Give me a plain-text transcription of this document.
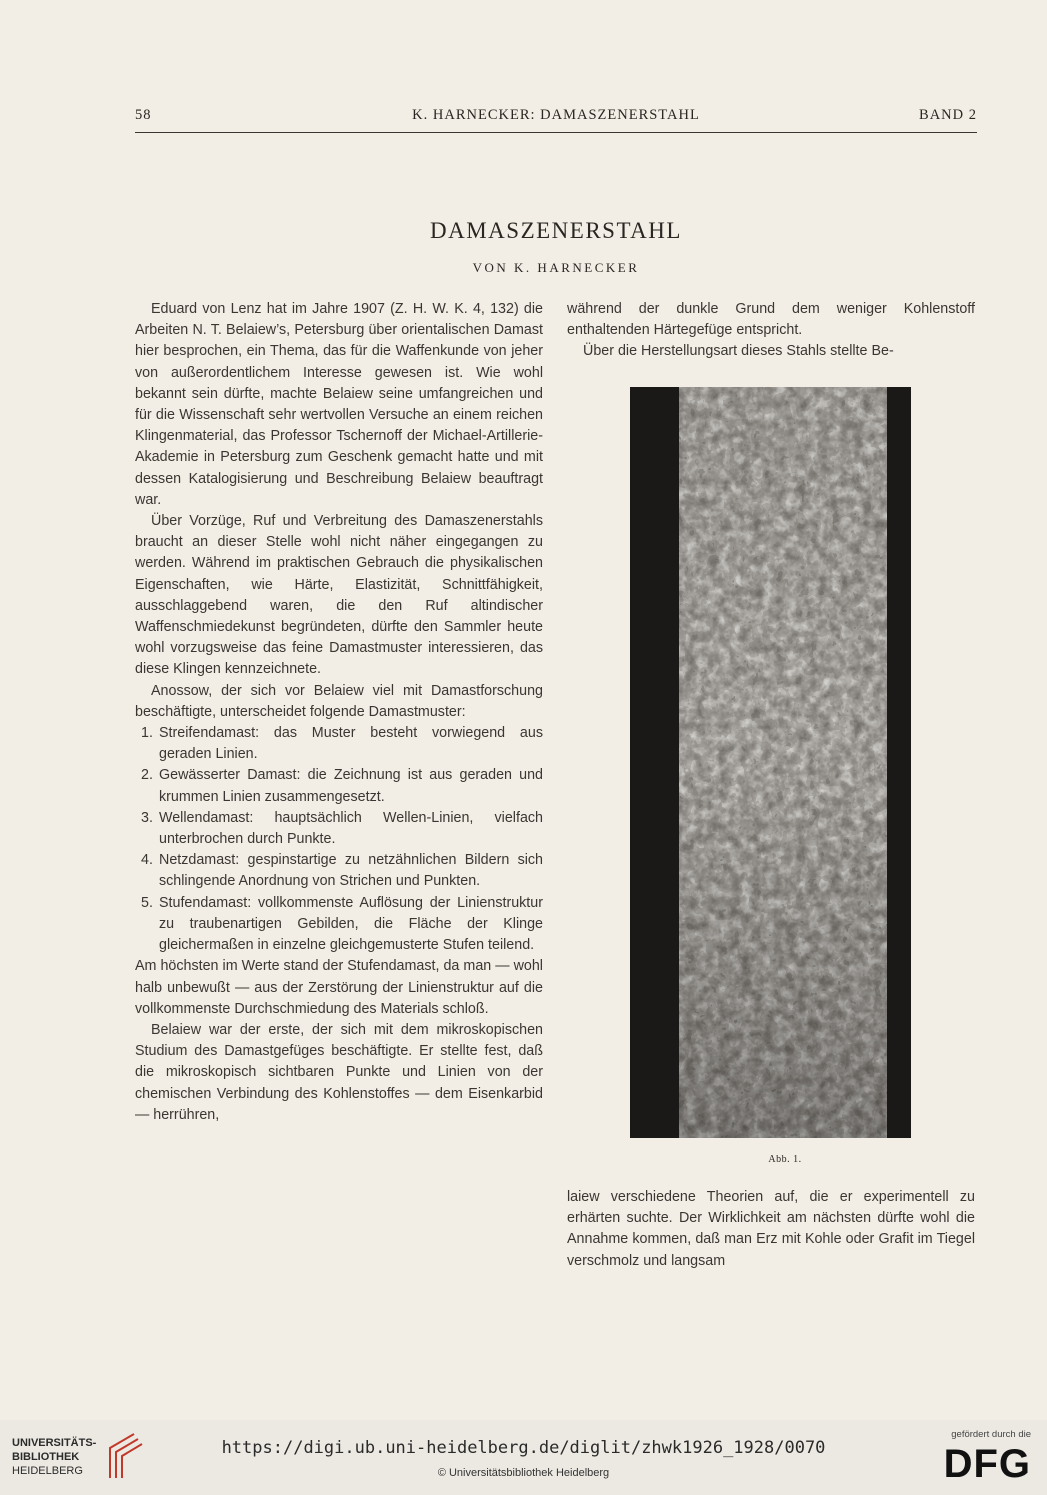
58	K. HARNECKER: DAMASZENERSTAHL	BAND 2
DAMASZENERSTAHL
VON K. HARNECKER

Eduard von Lenz hat im Jahre 1907 (Z. H. W. K. 4, 132) die Arbeiten N. T. Belaiew’s, Petersburg über orientalischen Damast hier besprochen, ein Thema, das für die Waffenkunde von jeher von außerordentlichem Interesse gewesen ist. Wie wohl bekannt sein dürfte, machte Belaiew seine umfangreichen und für die Wissenschaft sehr wertvollen Versuche an einem reichen Klingenmaterial, das Professor Tschernoff der Michael-Artillerie-Akademie in Petersburg zum Geschenk gemacht hatte und mit dessen Katalogisierung und Beschreibung Belaiew beauftragt war.

Über Vorzüge, Ruf und Verbreitung des Damaszenerstahls braucht an dieser Stelle wohl nicht näher eingegangen zu werden. Während im praktischen Gebrauch die physikalischen Eigenschaften, wie Härte, Elastizität, Schnittfähigkeit, ausschlaggebend waren, die den Ruf altindischer Waffenschmiedekunst begründeten, dürfte den Sammler heute wohl vorzugsweise das feine Damastmuster interessieren, das diese Klingen kennzeichnete.

Anossow, der sich vor Belaiew viel mit Damastforschung beschäftigte, unterscheidet folgende Damastmuster:

1. Streifendamast: das Muster besteht vorwiegend aus geraden Linien.
2. Gewässerter Damast: die Zeichnung ist aus geraden und krummen Linien zusammengesetzt.
3. Wellendamast: hauptsächlich Wellen-Linien, vielfach unterbrochen durch Punkte.
4. Netzdamast: gespinstartige zu netzähnlichen Bildern sich schlingende Anordnung von Strichen und Punkten.
5. Stufendamast: vollkommenste Auflösung der Linienstruktur zu traubenartigen Gebilden, die Fläche der Klinge gleichermaßen in einzelne gleichgemusterte Stufen teilend.

Am höchsten im Werte stand der Stufendamast, da man — wohl halb unbewußt — aus der Zerstörung der Linienstruktur auf die vollkommenste Durchschmiedung des Materials schloß.

Belaiew war der erste, der sich mit dem mikroskopischen Studium des Damastgefüges beschäftigte. Er stellte fest, daß die mikroskopisch sichtbaren Punkte und Linien von der chemischen Verbindung des Kohlenstoffes — dem Eisenkarbid — herrühren,

während der dunkle Grund dem weniger Kohlenstoff enthaltenden Härtegefüge entspricht.

Über die Herstellungsart dieses Stahls stellte Be-

Abb. 1.

laiew verschiedene Theorien auf, die er experimentell zu erhärten suchte. Der Wirklichkeit am nächsten dürfte wohl die Annahme kommen, daß man Erz mit Kohle oder Grafit im Tiegel verschmolz und langsam

UNIVERSITÄTS-
BIBLIOTHEK
HEIDELBERG
https://digi.ub.uni-heidelberg.de/diglit/zhwk1926_1928/0070
© Universitätsbibliothek Heidelberg
gefördert durch die
DFG
